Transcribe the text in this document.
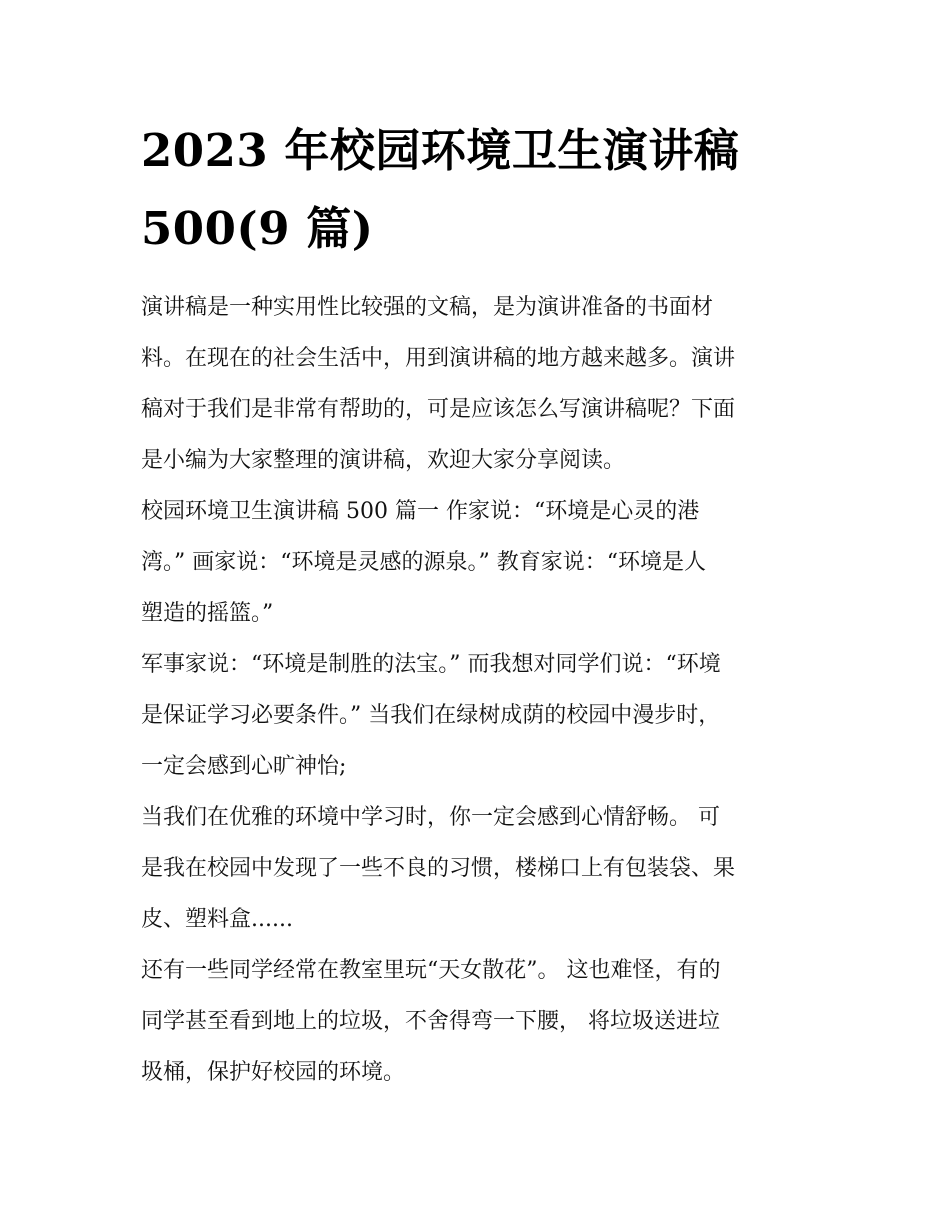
2023 年校园环境卫生演讲稿
500(9 篇)

演讲稿是一种实用性比较强的文稿，是为演讲准备的书面材
料。在现在的社会生活中，用到演讲稿的地方越来越多。演讲
稿对于我们是非常有帮助的，可是应该怎么写演讲稿呢？下面
是小编为大家整理的演讲稿，欢迎大家分享阅读。

校园环境卫生演讲稿 500 篇一 作家说：“环境是心灵的港
湾。” 画家说：“环境是灵感的源泉。” 教育家说：“环境是人
塑造的摇篮。”

军事家说：“环境是制胜的法宝。” 而我想对同学们说：“环境
是保证学习必要条件。” 当我们在绿树成荫的校园中漫步时，
一定会感到心旷神怡;

当我们在优雅的环境中学习时，你一定会感到心情舒畅。 可
是我在校园中发现了一些不良的习惯，楼梯口上有包装袋、果
皮、塑料盒......

还有一些同学经常在教室里玩“天女散花”。 这也难怪，有的
同学甚至看到地上的垃圾，不舍得弯一下腰， 将垃圾送进垃
圾桶，保护好校园的环境。
